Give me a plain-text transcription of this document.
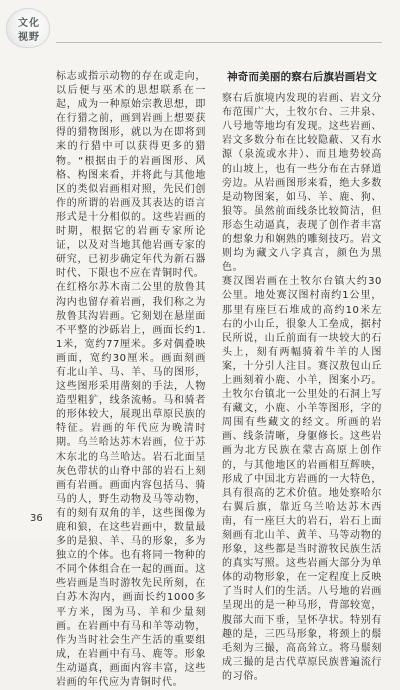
文化
视野

标志或指示动物的存在或走向，以后便与巫术的思想联系在一起，成为一种原始宗教思想，即在行猎之前，画到岩画上想要获得的猎物图形，就以为在即将到来的行猎中可以获得更多的猎物。“根据由于的岩画图形、风格、构图来看，并将此与其他地区的类似岩画相对照，先民们创作的所谓的岩画及其表达的语言形式是十分相似的。这些岩画的时期，根据它的岩画专家所论证，以及对当地其他岩画专家的研究，已初步确定年代为新石器时代、下限也不应在青铜时代。

在红格尔苏木南二公里的敖鲁其沟内也留存着岩画，我们称之为敖鲁其沟岩画。它刻划在悬崖面不平整的沙砾岩上，画面长约1.1米，宽约77厘米。多对偶叠映画面，宽约30厘米。画面刻画有北山羊、马、羊、马的图形，这些图形采用凿刻的手法，人物造型粗犷，线条流畅。马和骑者的形体较大，展现出草原民族的特征。岩画的年代应为晚清时期。乌兰哈达苏木岩画，位于苏木东北的乌兰哈达。岩石北面呈灰色带状的山脊中部的岩石上刻画有岩画。画面内容包括马、骑马的人，野生动物及马等动物，有的刻有双角的羊，这些图像为鹿和狼，在这些岩画中，数量最多的是狼、羊、马的形象，多为独立的个体。也有将同一物种的不同个体组合在一起的画面。这些岩画是当时游牧先民所刻，在白苏木沟内，画面长约1000多平方米，图为马、羊和少量刻画。在岩画中有马和羊等动物，作为当时社会生产生活的重要组成，在岩画中有马、鹿等。形象生动逼真，画面内容丰富，这些岩画的年代应为青铜时代。

神奇而美丽的察右后旗岩画岩文

察右后旗境内发现的岩画、岩文分布范围广大，土牧尔台、三井泉、八号地等地均有发现。这些岩画、岩文多数分布在比较隐蔽、又有水源（泉流或水井）、而且地势较高的山坡上，也有一些分布在古驿道旁边。从岩画图形来看，绝大多数是动物图案，如马、羊、鹿、狗、狼等。虽然前面线条比较简洁，但形态生动逼真，表现了创作者丰富的想象力和娴熟的雕刻技巧。岩文则均为藏文八字真言，颜色为黑色。

赛汉图岩画在土牧尔台镇大约30公里。地处赛汉图村南约1公里，那里有座巨石堆成的高约10米左右的小山丘，很象人工垒成，据村民所说，山丘前面有一块较大的石头上，刻有两幅骑着牛羊的人图案，十分引人注目。赛汉敖包山丘上画刻着小鹿、小羊，图案小巧。土牧尔台镇北一公里处的石洞上写有藏文，小鹿、小羊等图形，字的周围有些藏文的经文。所画的岩画、线条清晰，身躯修长。这些岩画为北方民族在蒙古高原上创作的，与其他地区的岩画相互辉映，形成了中国北方岩画的一大特色，具有很高的艺术价值。地处察哈尔右翼后旗，靠近乌兰哈达苏木西南，有一座巨大的岩石，岩石上面刻画有北山羊、黄羊、马等动物的形象，这些都是当时游牧民族生活的真实写照。这些岩画大部分为单体的动物形象，在一定程度上反映了当时人们的生活。八号地的岩画呈现出的是一种马形，背部较宽，腹部大而下垂，呈怀孕状。特别有趣的是，三匹马形象，将颈上的鬃毛刻为三撮，高高耸立。将马鬃刻成三撮的是古代草原民族普遍流行的习俗。

36
